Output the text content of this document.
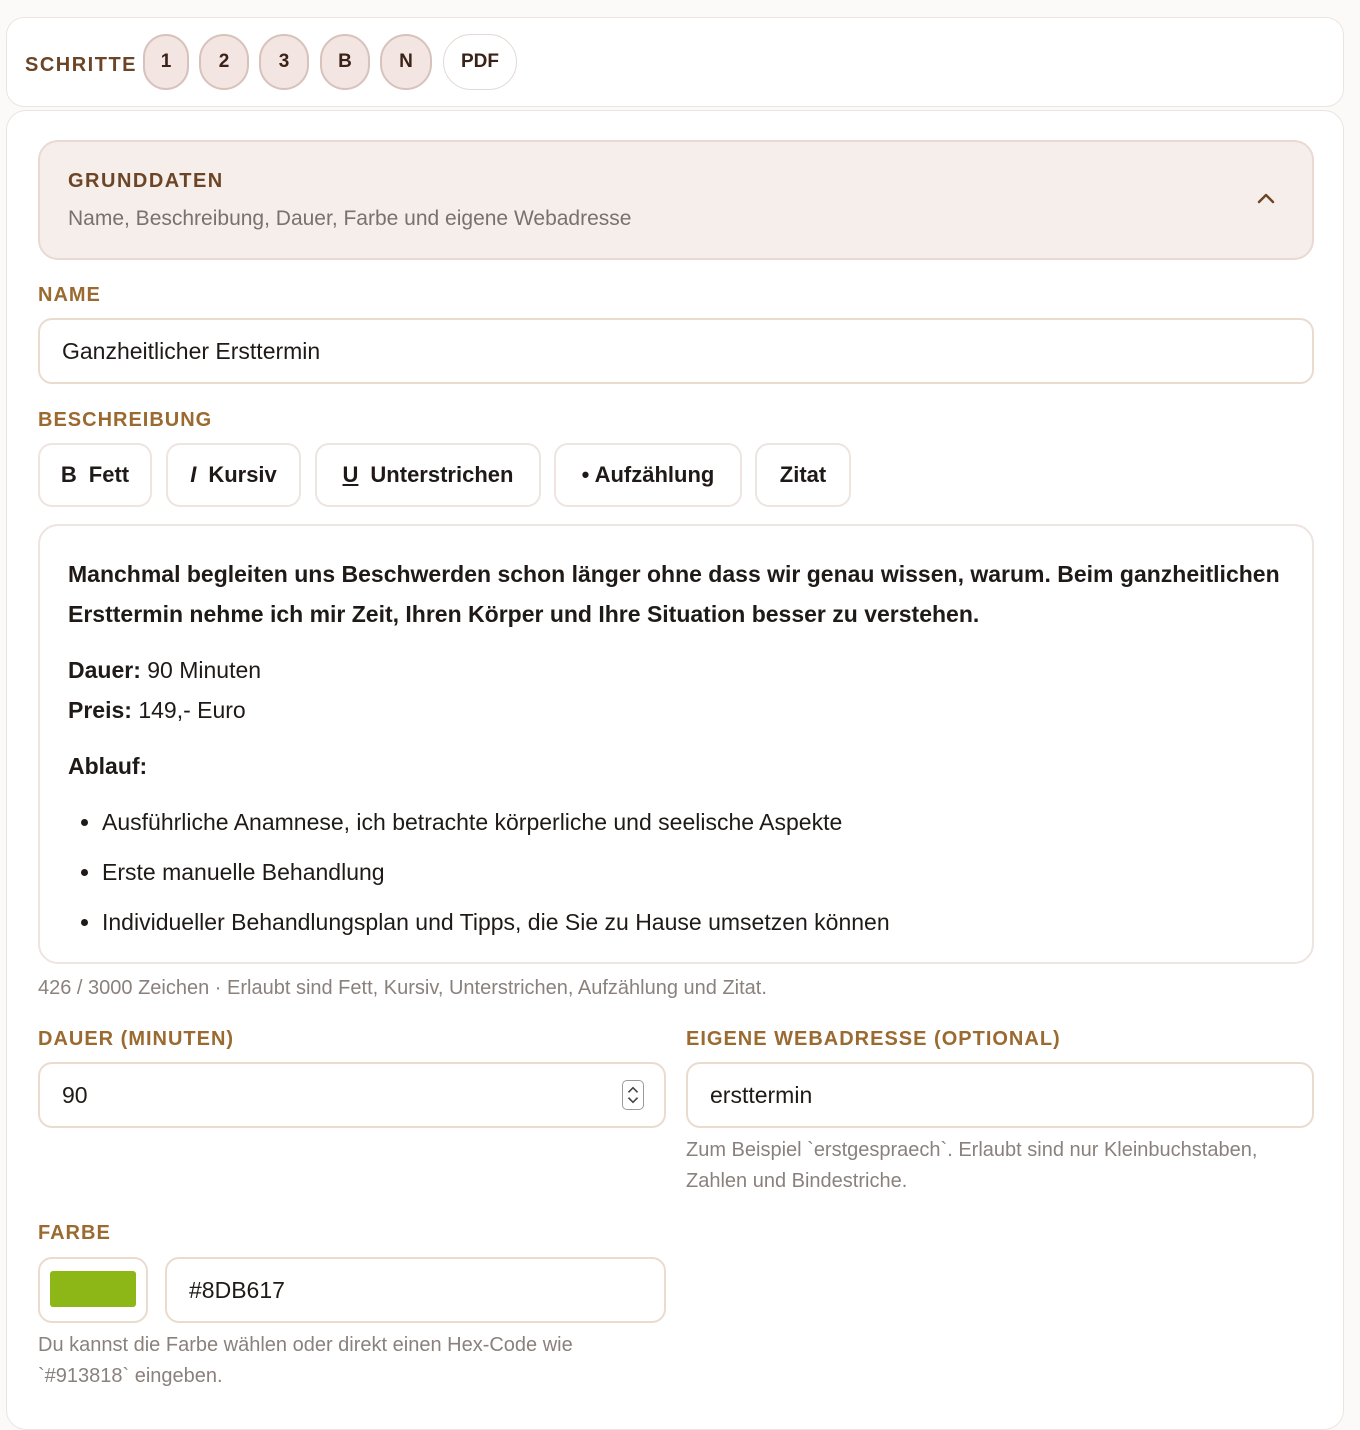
SCHRITTE	1	2	3	B	N	PDF
GRUNDDATEN
Name, Beschreibung, Dauer, Farbe und eigene Webadresse
NAME
Ganzheitlicher Ersttermin
BESCHREIBUNG
B Fett	I Kursiv	U Unterstrichen	• Aufzählung	Zitat

Manchmal begleiten uns Beschwerden schon länger ohne dass wir genau wissen, warum. Beim ganzheitlichen Ersttermin nehme ich mir Zeit, Ihren Körper und Ihre Situation besser zu verstehen.

Dauer: 90 Minuten

Preis: 149,- Euro

Ablauf:

• Ausführliche Anamnese, ich betrachte körperliche und seelische Aspekte
• Erste manuelle Behandlung
• Individueller Behandlungsplan und Tipps, die Sie zu Hause umsetzen können
426 / 3000 Zeichen · Erlaubt sind Fett, Kursiv, Unterstrichen, Aufzählung und Zitat.
DAUER (MINUTEN)
90
EIGENE WEBADRESSE (OPTIONAL)
ersttermin
Zum Beispiel `erstgespraech`. Erlaubt sind nur Kleinbuchstaben, Zahlen und Bindestriche.
FARBE
#8DB617
Du kannst die Farbe wählen oder direkt einen Hex-Code wie `#913818` eingeben.
